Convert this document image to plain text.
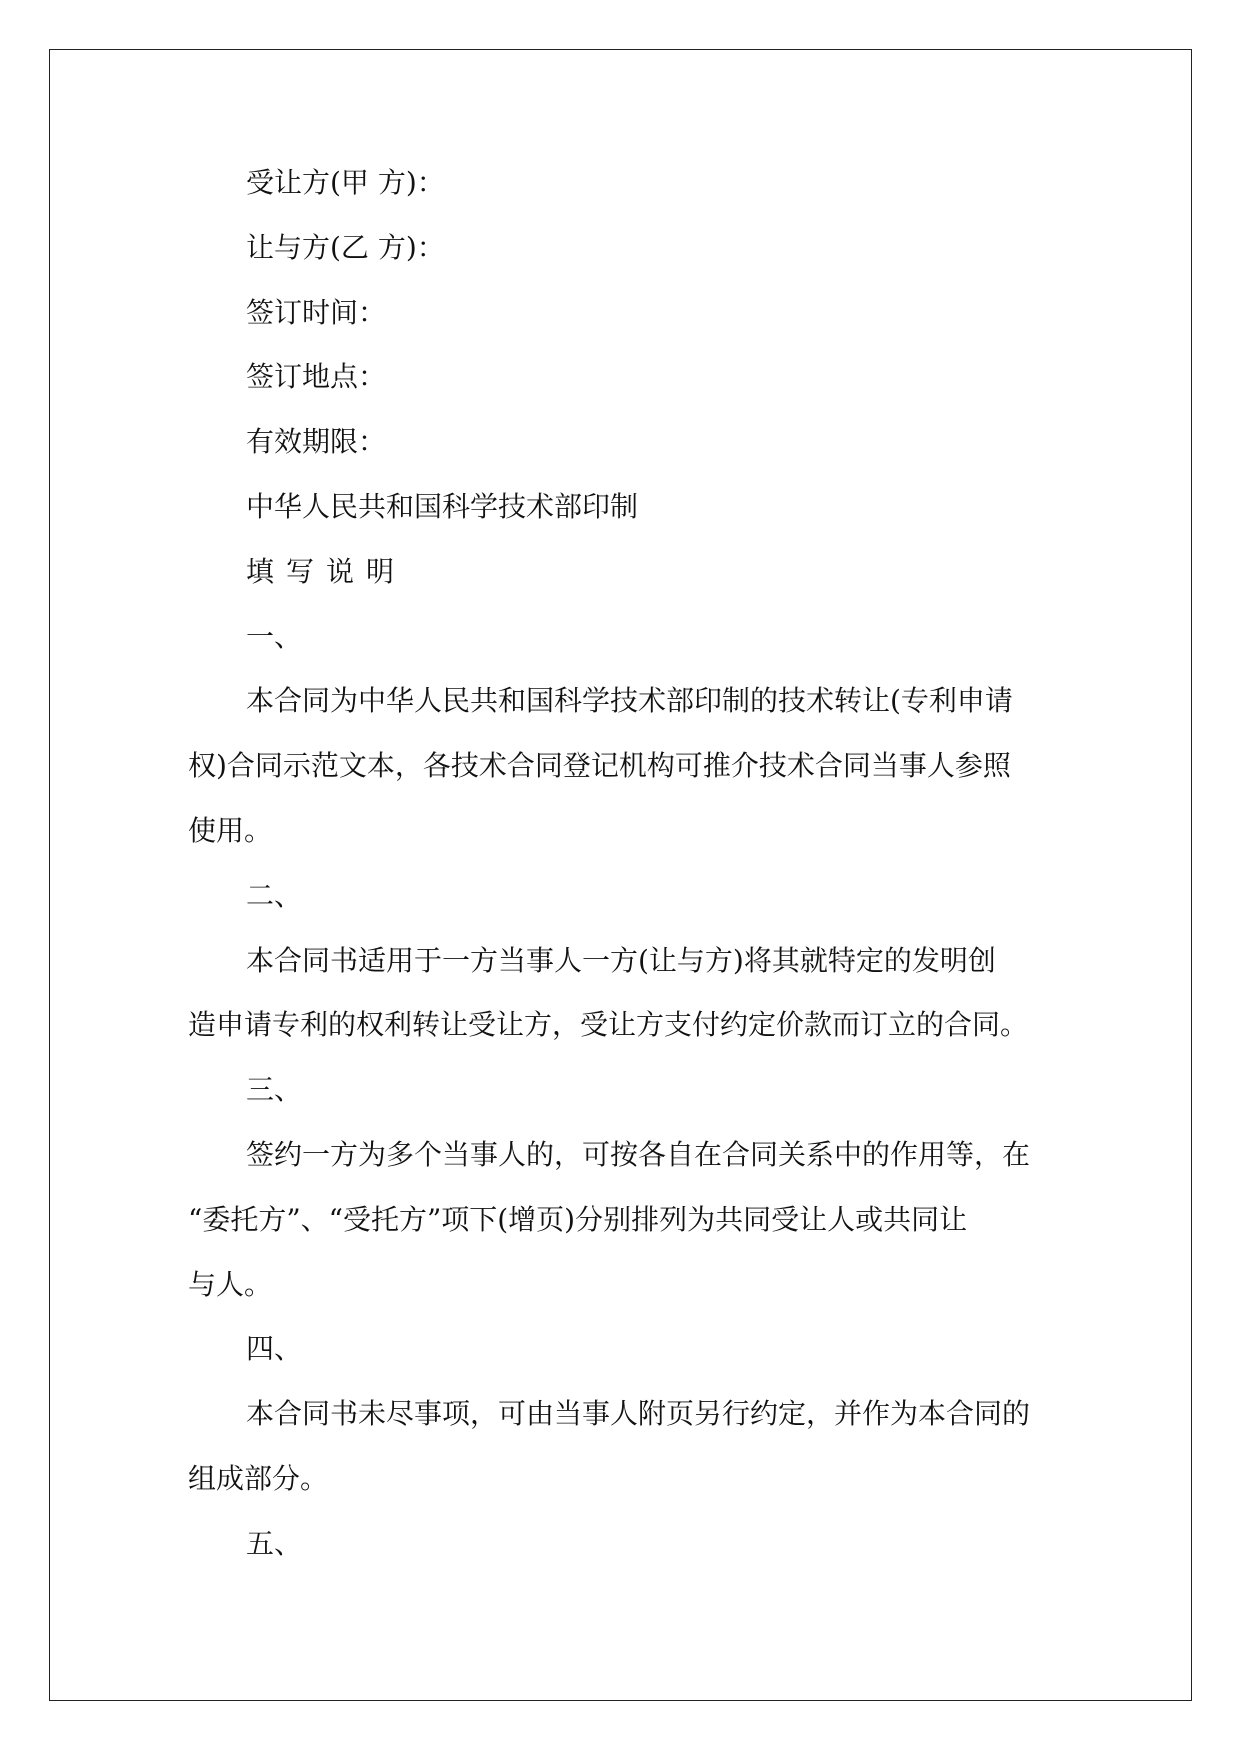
受让方(甲 方)：

让与方(乙 方)：

签订时间：

签订地点：

有效期限：

中华人民共和国科学技术部印制

填写说明

一、

本合同为中华人民共和国科学技术部印制的技术转让(专利申请

权)合同示范文本，各技术合同登记机构可推介技术合同当事人参照

使用。

二、

本合同书适用于一方当事人一方(让与方)将其就特定的发明创

造申请专利的权利转让受让方，受让方支付约定价款而订立的合同。

三、

签约一方为多个当事人的，可按各自在合同关系中的作用等，在

“委托方”、“受托方”项下(增页)分别排列为共同受让人或共同让

与人。

四、

本合同书未尽事项，可由当事人附页另行约定，并作为本合同的

组成部分。

五、
